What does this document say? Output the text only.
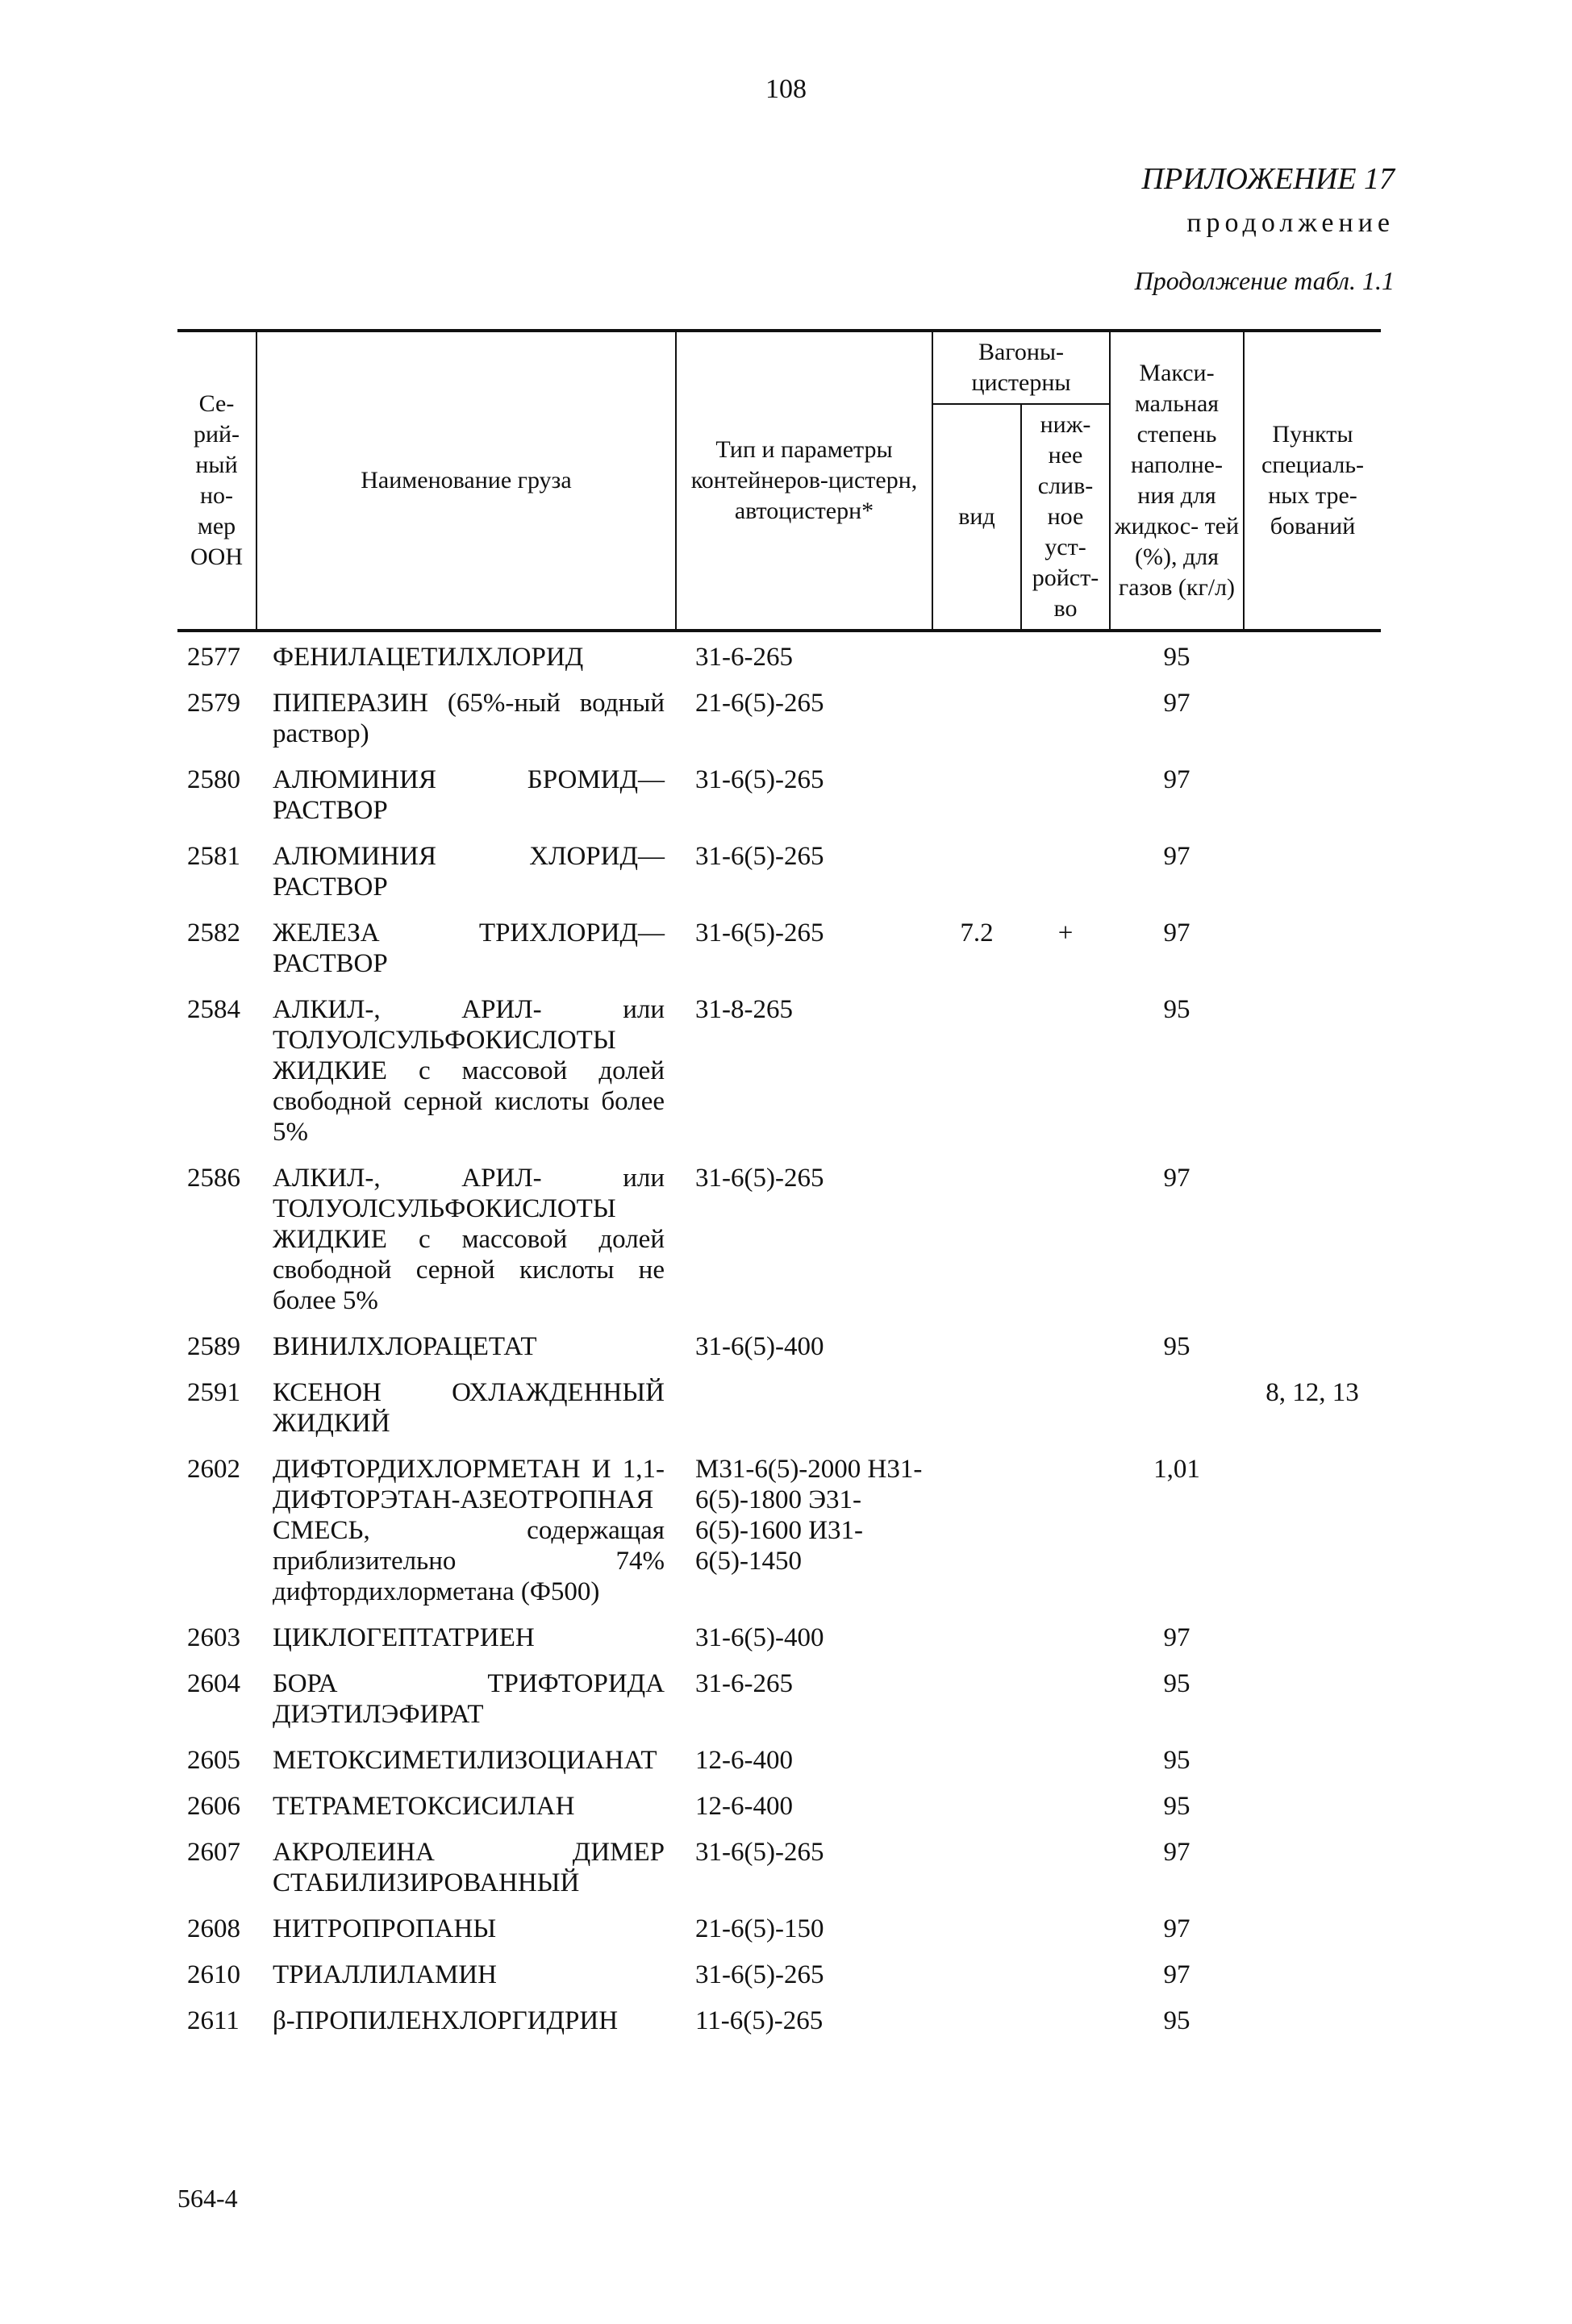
108
ПРИЛОЖЕНИЕ 17
продолжение
Продолжение табл. 1.1
Се- рий- ный но- мер ООН	Наименование груза	Тип и параметры контейнеров-цистерн, автоцистерн*	Вагоны-цистерны		Макси- мальная степень наполне- ния для жидкос- тей (%), для газов (кг/л)	Пункты специаль- ных тре- бований
			вид	ниж- нее слив- ное уст- ройст- во		
2577	ФЕНИЛАЦЕТИЛХЛОРИД	31-6-265			95	
2579	ПИПЕРАЗИН (65%-ный водный раствор)	21-6(5)-265			97	
2580	АЛЮМИНИЯ БРОМИД— РАСТВОР	31-6(5)-265			97	
2581	АЛЮМИНИЯ ХЛОРИД— РАСТВОР	31-6(5)-265			97	
2582	ЖЕЛЕЗА ТРИХЛОРИД— РАСТВОР	31-6(5)-265	7.2	+	97	
2584	АЛКИЛ-, АРИЛ- или ТОЛУОЛСУЛЬФОКИСЛОТЫ ЖИДКИЕ с массовой долей свободной серной кислоты более 5%	31-8-265			95	
2586	АЛКИЛ-, АРИЛ- или ТОЛУОЛСУЛЬФОКИСЛОТЫ ЖИДКИЕ с массовой долей свободной серной кислоты не более 5%	31-6(5)-265			97	
2589	ВИНИЛХЛОРАЦЕТАТ	31-6(5)-400			95	
2591	КСЕНОН ОХЛАЖДЕННЫЙ ЖИДКИЙ					8, 12, 13
2602	ДИФТОРДИХЛОРМЕТАН И 1,1-ДИФТОРЭТАН-АЗЕОТРОПНАЯ СМЕСЬ, содержащая приблизительно 74% дифтордихлорметана (Ф500)	М31-6(5)-2000 Н31-6(5)-1800 Э31-6(5)-1600 И31-6(5)-1450			1,01	
2603	ЦИКЛОГЕПТАТРИЕН	31-6(5)-400			97	
2604	БОРА ТРИФТОРИДА ДИЭТИЛЭФИРАТ	31-6-265			95	
2605	МЕТОКСИМЕТИЛИЗОЦИАНАТ	12-6-400			95	
2606	ТЕТРАМЕТОКСИСИЛАН	12-6-400			95	
2607	АКРОЛЕИНА ДИМЕР СТАБИЛИЗИРОВАННЫЙ	31-6(5)-265			97	
2608	НИТРОПРОПАНЫ	21-6(5)-150			97	
2610	ТРИАЛЛИЛАМИН	31-6(5)-265			97	
2611	β-ПРОПИЛЕНХЛОРГИДРИН	11-6(5)-265			95	
564-4
